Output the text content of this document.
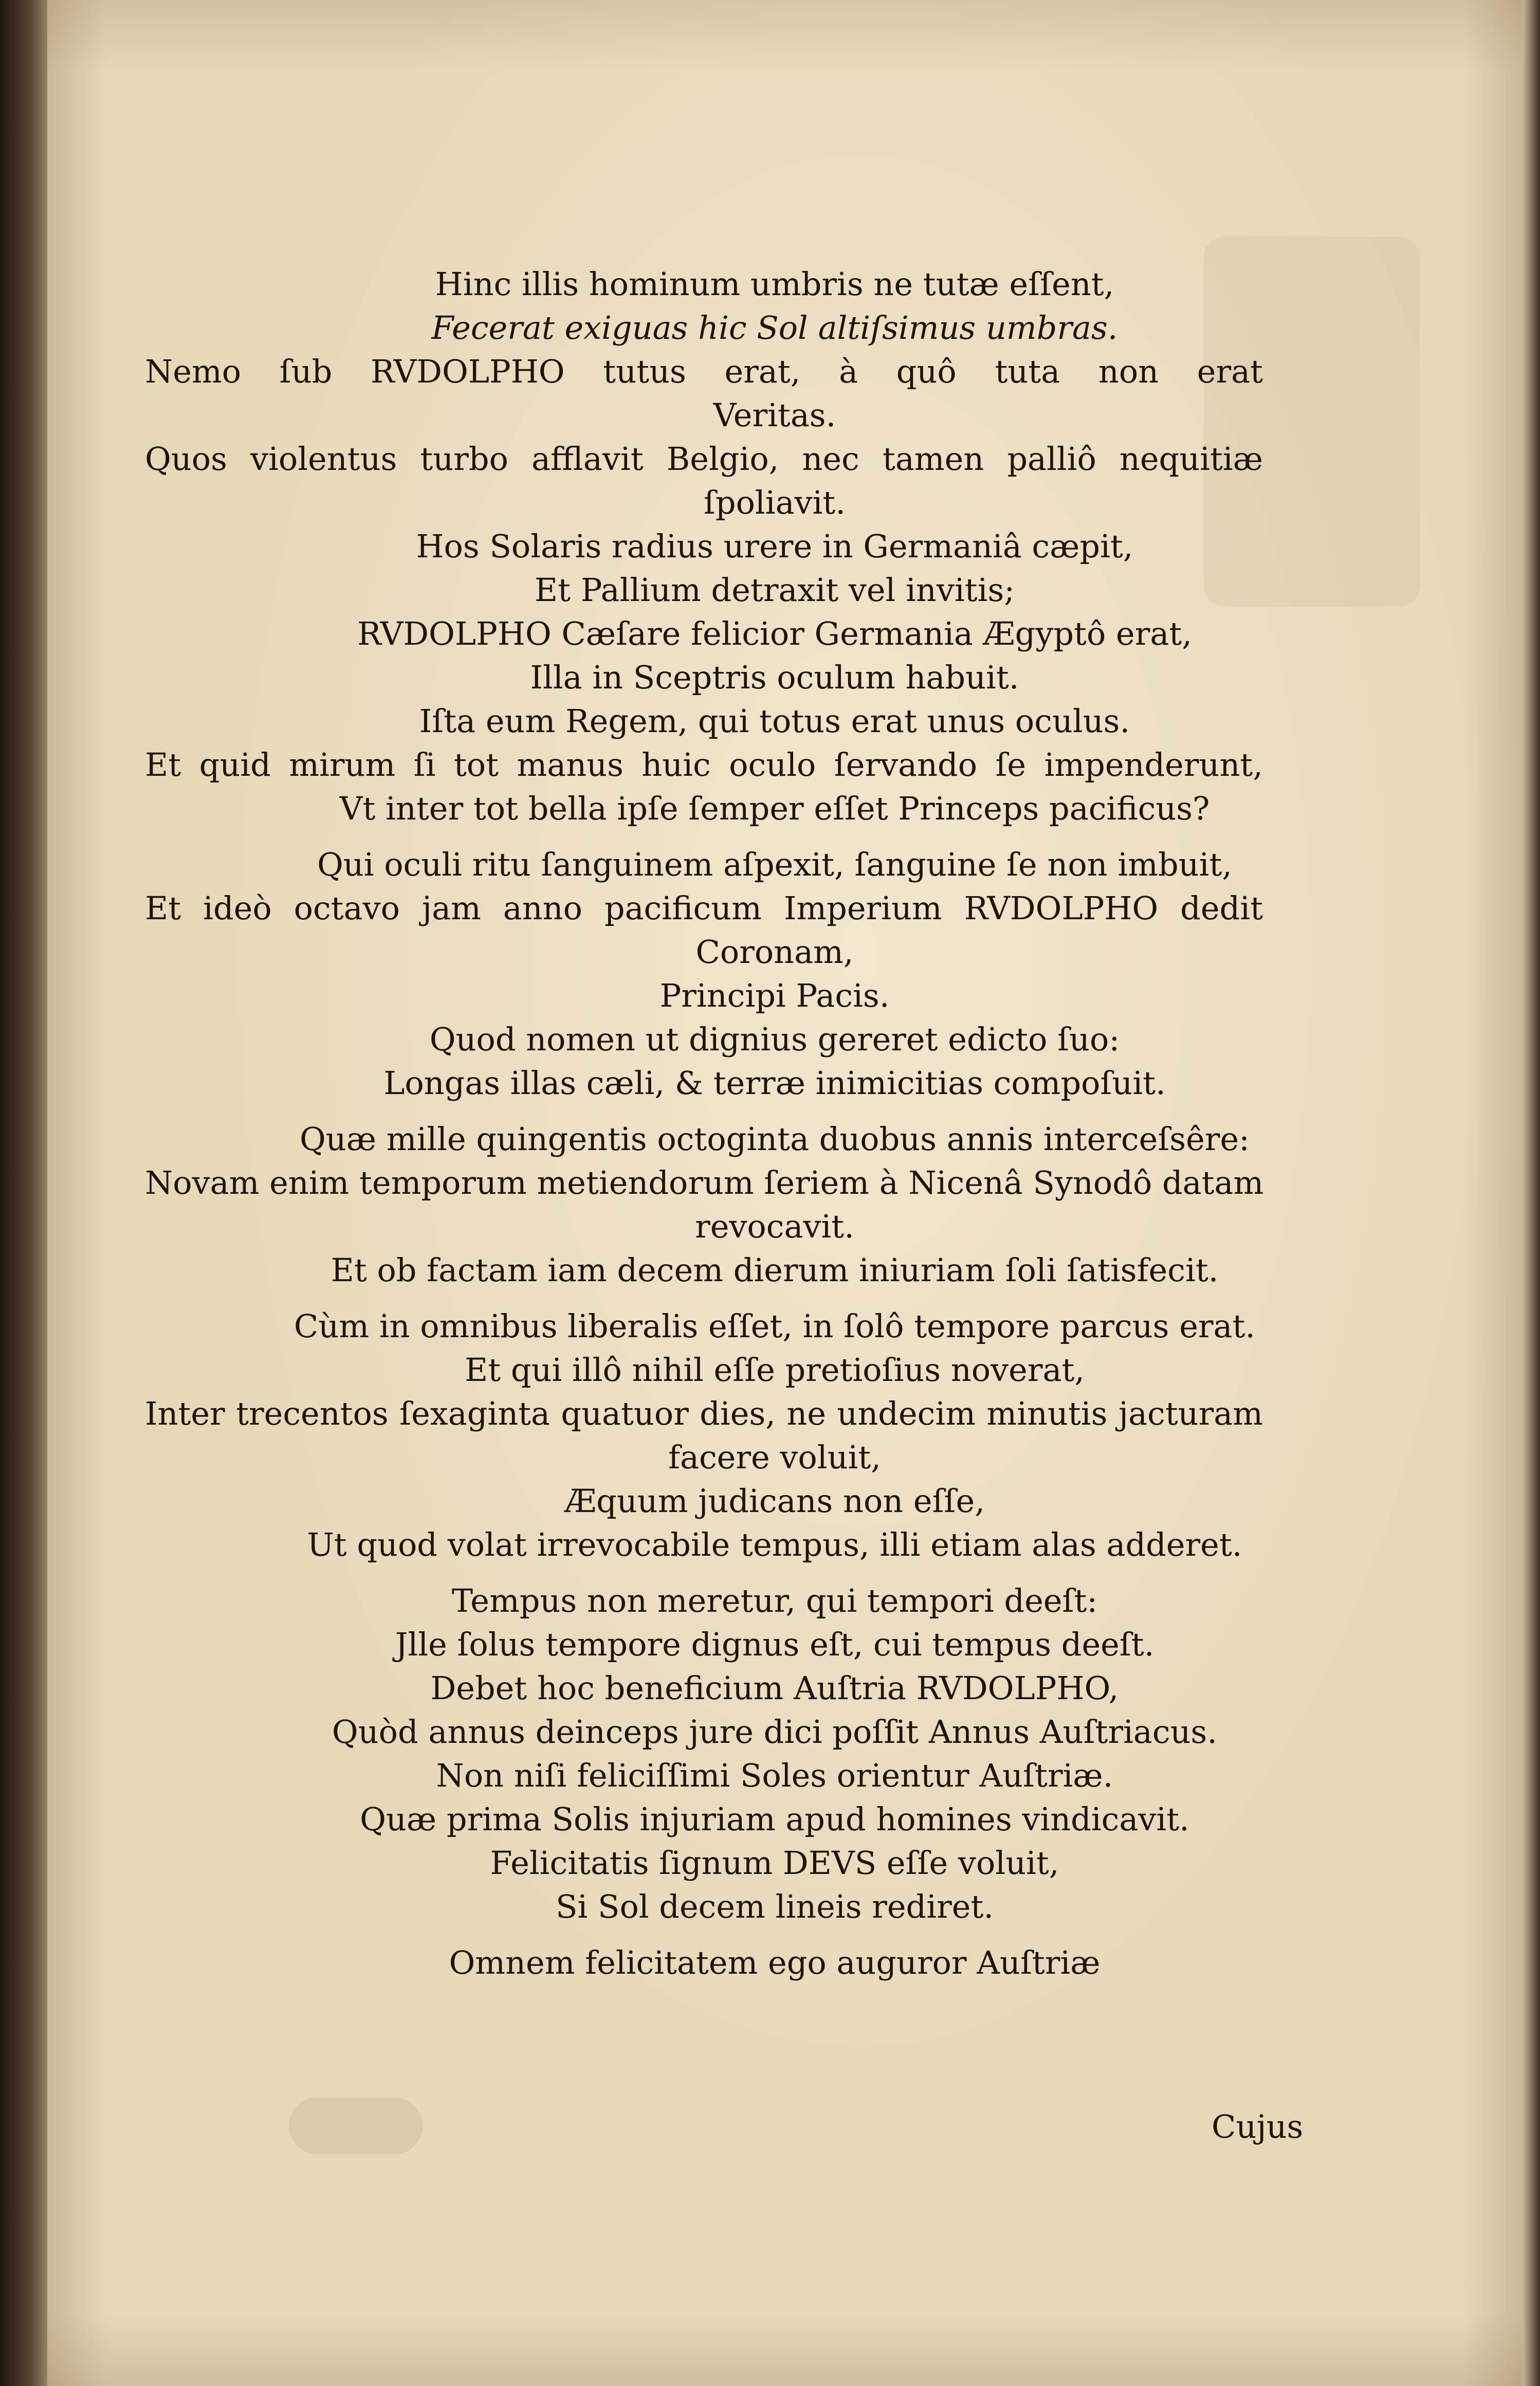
Hinc illis hominum umbris ne tutæ eſſent,
Fecerat exiguas hic Sol altiſsimus umbras.
Nemo ſub RVDOLPHO tutus erat, à quô tuta non erat
Veritas.
Quos violentus turbo afflavit Belgio, nec tamen palliô nequitiæ
ſpoliavit.
Hos Solaris radius urere in Germaniâ cæpit,
Et Pallium detraxit vel invitis;
RVDOLPHO Cæſare felicior Germania Ægyptô erat,
Illa in Sceptris oculum habuit.
Iſta eum Regem, qui totus erat unus oculus.
Et quid mirum ſi tot manus huic oculo ſervando ſe impenderunt,
Vt inter tot bella ipſe ſemper eſſet Princeps pacificus?
Qui oculi ritu ſanguinem aſpexit, ſanguine ſe non imbuit,
Et ideò octavo jam anno pacificum Imperium RVDOLPHO dedit
Coronam,
Principi Pacis.
Quod nomen ut dignius gereret edicto ſuo:
Longas illas cæli, & terræ inimicitias compoſuit.
Quæ mille quingentis octoginta duobus annis interceſsêre:
Novam enim temporum metiendorum ſeriem à Nicenâ Synodô datam
revocavit.
Et ob factam iam decem dierum iniuriam ſoli ſatisfecit.
Cùm in omnibus liberalis eſſet, in ſolô tempore parcus erat.
Et qui illô nihil eſſe pretioſius noverat,
Inter trecentos ſexaginta quatuor dies, ne undecim minutis jacturam
facere voluit,
Æquum judicans non eſſe,
Ut quod volat irrevocabile tempus, illi etiam alas adderet.
Tempus non meretur, qui tempori deeſt:
Jlle ſolus tempore dignus eſt, cui tempus deeſt.
Debet hoc beneficium Auſtria RVDOLPHO,
Quòd annus deinceps jure dici poſſit Annus Auſtriacus.
Non niſi feliciſſimi Soles orientur Auſtriæ.
Quæ prima Solis injuriam apud homines vindicavit.
Felicitatis ſignum DEVS eſſe voluit,
Si Sol decem lineis rediret.
Omnem felicitatem ego auguror Auſtriæ
Cujus
